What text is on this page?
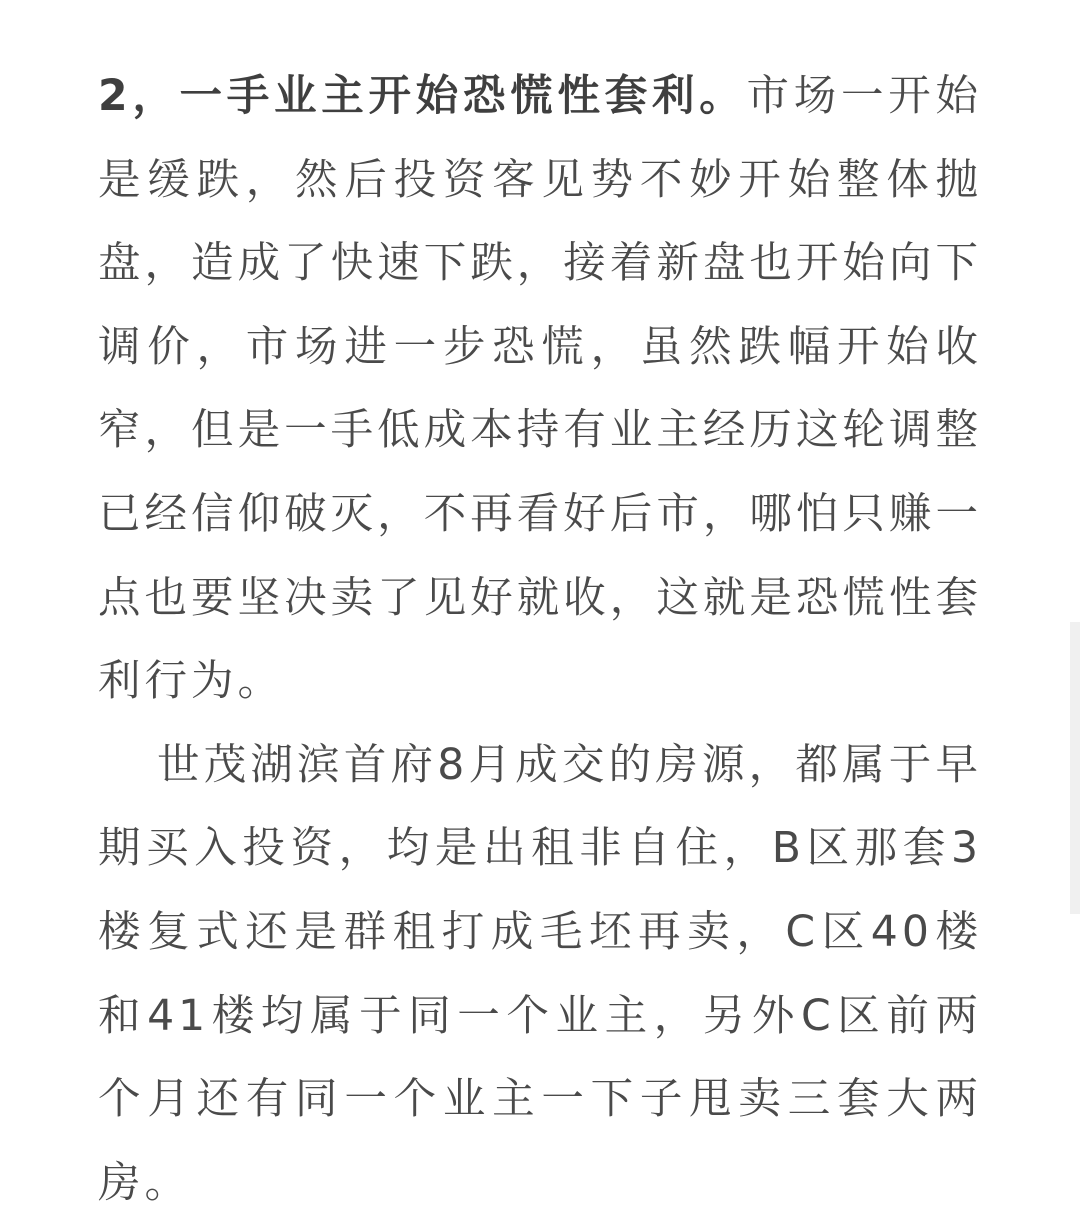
2，一手业主开始恐慌性套利。市场一开始是缓跌，然后投资客见势不妙开始整体抛盘，造成了快速下跌，接着新盘也开始向下调价，市场进一步恐慌，虽然跌幅开始收窄，但是一手低成本持有业主经历这轮调整已经信仰破灭，不再看好后市，哪怕只赚一点也要坚决卖了见好就收，这就是恐慌性套利行为。

世茂湖滨首府8月成交的房源，都属于早期买入投资，均是出租非自住，B区那套3楼复式还是群租打成毛坯再卖，C区40楼和41楼均属于同一个业主，另外C区前两个月还有同一个业主一下子甩卖三套大两房。
